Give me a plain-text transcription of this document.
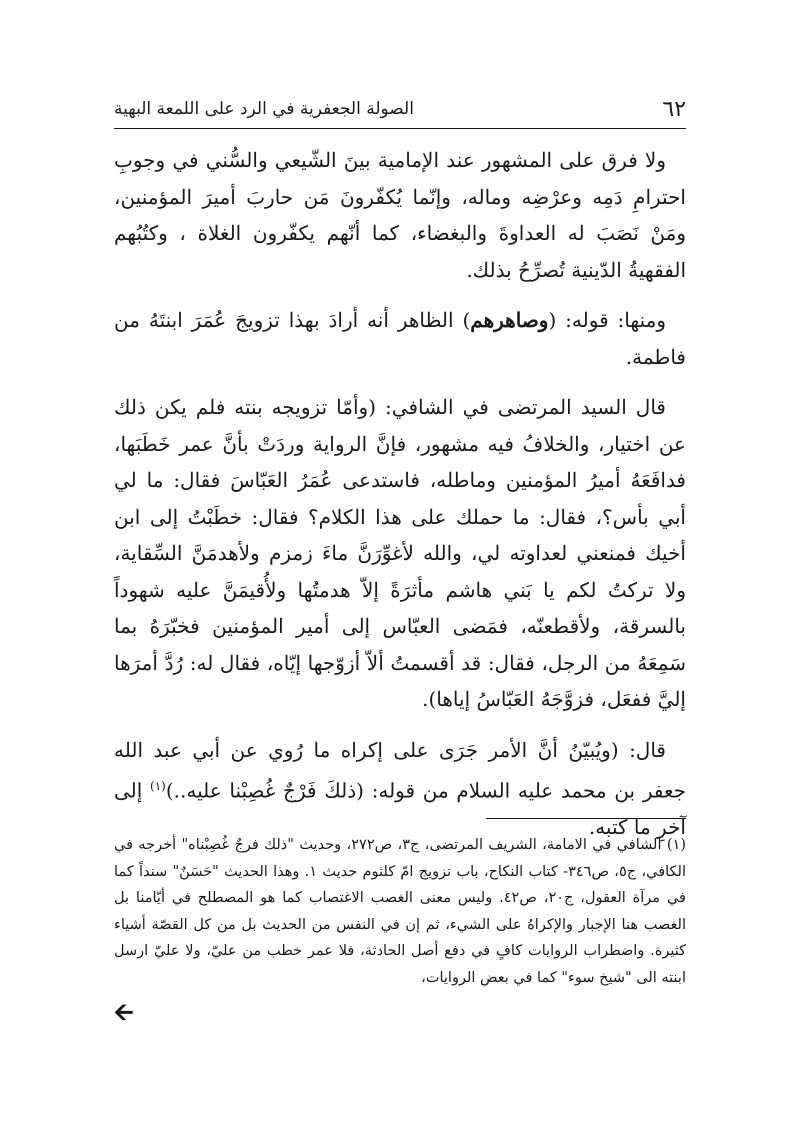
٦٢
الصولة الجعفرية في الرد على اللمعة البهية

ولا فرق على المشهور عند الإمامية بينَ الشّيعي والسُّني في وجوبِ احترامِ دَمِه وعرْضِه وماله، وإنّما يُكفّرونَ مَن حاربَ أميرَ المؤمنين، ومَنْ نَصَبَ له العداوةَ والبغضاء، كما أنّهم يكفّرون الغلاة ، وكتُبُهم الفقهيةُ الدّينية تُصرِّحُ بذلك.

ومنها: قوله: (وصاهرهم) الظاهر أنه أرادَ بهذا تزويجَ عُمَرَ ابنتَهُ من فاطمة.

قال السيد المرتضى في الشافي: (وأمّا تزويجه بنته فلم يكن ذلك عن اختيار، والخلافُ فيه مشهور، فإنَّ الرواية وردَتْ بأنَّ عمر خَطَبَها، فدافَعَهُ أميرُ المؤمنين وماطله، فاستدعى عُمَرُ العَبّاسَ فقال: ما لي أبي بأس؟، فقال: ما حملك على هذا الكلام؟ فقال: خطَبْتُ إلى ابن أخيك فمنعني لعداوته لي، والله لأغوِّرَنَّ ماءَ زمزم ولأهدمَنَّ السِّقاية، ولا تركتُ لكم يا بَني هاشم مأثرَةً إلاّ هدمتُها ولأُقيمَنَّ عليه شهوداً بالسرقة، ولأقطعنّه، فمَضى العبّاس إلى أمير المؤمنين فخبّرَهُ بما سَمِعَهُ من الرجل، فقال: قد أقسمتُ ألاّ أزوّجها إيّاه، فقال له: رُدَّ أمرَها إليَّ ففعَل، فزوَّجَهُ العَبّاسُ إياها).

قال: (ويُبيّنُ أنَّ الأمر جَرَى على إكراه ما رُوي عن أبي عبد الله جعفر بن محمد عليه السلام من قوله: (ذلكَ فَرْجٌ غُصِبْنا عليه..)$^{(١)}$ إلى آخرِ ما كتبه.

(١) الشافي في الامامة، الشريف المرتضى، ج٣، ص٢٧٢، وحديث "ذلك فرجٌ غُصِبْناه" أخرجه في الكافي، ج٥، ص٣٤٦- كتاب النكاح، باب تزويج امّ كلثوم حديث ١. وهذا الحديث "حَسَنٌ" سنداً كما في مرآة العقول، ج٢٠، ص٤٢. وليس معنى الغصب الاغتصاب كما هو المصطلح في أيّامنا بل الغصب هنا الإجبار والإكراهُ على الشيء، ثم إن في النفس من الحديث بل من كل القصّة أشياء كثيرة. واضطراب الروايات كافٍ في دفع أصل الحادثة، فلا عمر خطب من عليّ، ولا عليّ ارسل ابنته الى "شيخ سوء" كما في بعض الروايات،

🡨
